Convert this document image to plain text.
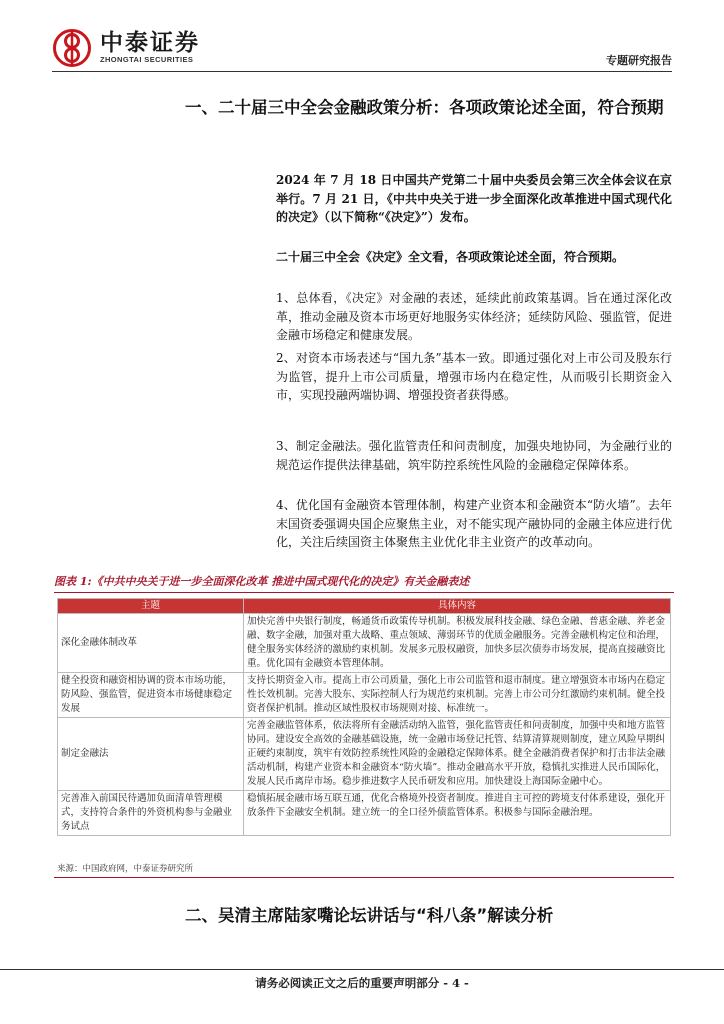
中泰证券
ZHONGTAI SECURITIES	专题研究报告
一、二十届三中全会金融政策分析：各项政策论述全面，符合预期

2024 年 7 月 18 日中国共产党第二十届中央委员会第三次全体会议在京举行。7 月 21 日，《中共中央关于进一步全面深化改革推进中国式现代化的决定》（以下简称“《决定》”）发布。

二十届三中全会《决定》全文看，各项政策论述全面，符合预期。

1、总体看，《决定》对金融的表述，延续此前政策基调。旨在通过深化改革，推动金融及资本市场更好地服务实体经济；延续防风险、强监管，促进金融市场稳定和健康发展。

2、对资本市场表述与“国九条”基本一致。即通过强化对上市公司及股东行为监管，提升上市公司质量，增强市场内在稳定性，从而吸引长期资金入市，实现投融两端协调、增强投资者获得感。

3、制定金融法。强化监管责任和问责制度，加强央地协同，为金融行业的规范运作提供法律基础，筑牢防控系统性风险的金融稳定保障体系。

4、优化国有金融资本管理体制，构建产业资本和金融资本“防火墙”。去年末国资委强调央国企应聚焦主业，对不能实现产融协同的金融主体应进行优化，关注后续国资主体聚焦主业优化非主业资产的改革动向。

图表 1:《中共中央关于进一步全面深化改革 推进中国式现代化的决定》有关金融表述
主题	具体内容
深化金融体制改革	加快完善中央银行制度，畅通货币政策传导机制。积极发展科技金融、绿色金融、普惠金融、养老金融、数字金融，加强对重大战略、重点领域、薄弱环节的优质金融服务。完善金融机构定位和治理，健全服务实体经济的激励约束机制。发展多元股权融资，加快多层次债券市场发展，提高直接融资比重。优化国有金融资本管理体制。
健全投资和融资相协调的资本市场功能，防风险、强监管，促进资本市场健康稳定发展	支持长期资金入市。提高上市公司质量，强化上市公司监管和退市制度。建立增强资本市场内在稳定性长效机制。完善大股东、实际控制人行为规范约束机制。完善上市公司分红激励约束机制。健全投资者保护机制。推动区域性股权市场规则对接、标准统一。
制定金融法	完善金融监管体系，依法将所有金融活动纳入监管，强化监管责任和问责制度，加强中央和地方监管协同。建设安全高效的金融基础设施，统一金融市场登记托管、结算清算规则制度，建立风险早期纠正硬约束制度，筑牢有效防控系统性风险的金融稳定保障体系。健全金融消费者保护和打击非法金融活动机制，构建产业资本和金融资本“防火墙”。推动金融高水平开放，稳慎扎实推进人民币国际化，发展人民币离岸市场。稳步推进数字人民币研发和应用。加快建设上海国际金融中心。
完善准入前国民待遇加负面清单管理模式，支持符合条件的外资机构参与金融业务试点	稳慎拓展金融市场互联互通，优化合格境外投资者制度。推进自主可控的跨境支付体系建设，强化开放条件下金融安全机制。建立统一的全口径外债监管体系。积极参与国际金融治理。
来源：中国政府网，中泰证券研究所
二、吴清主席陆家嘴论坛讲话与“科八条”解读分析
请务必阅读正文之后的重要声明部分 - 4 -
